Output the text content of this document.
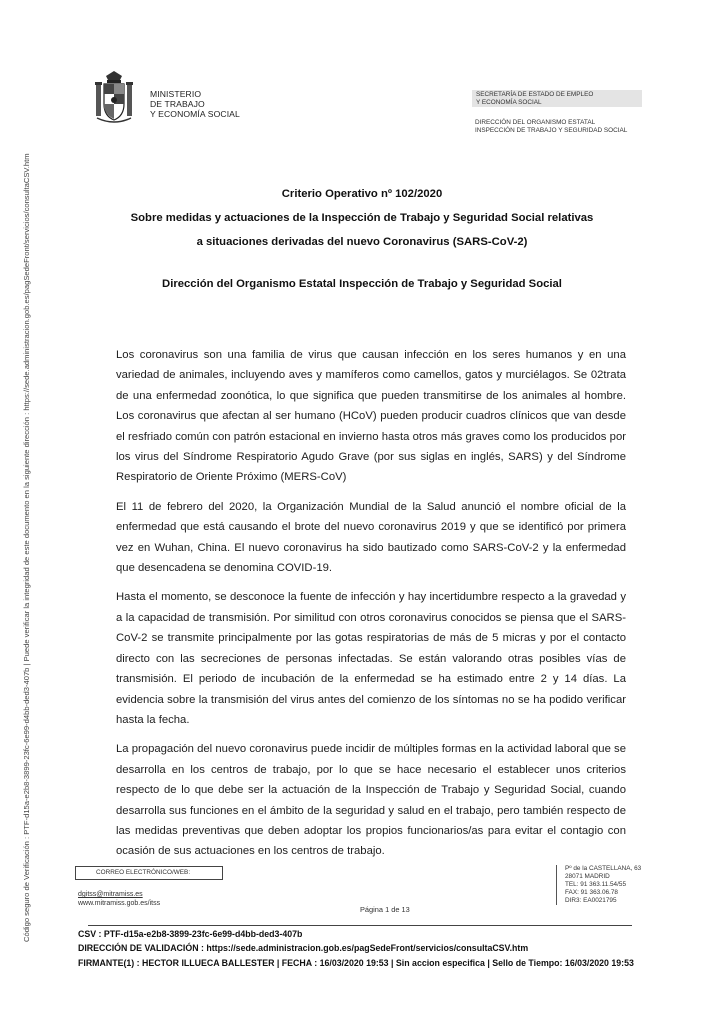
Código seguro de Verificación : PTF-d15a-e2b8-3899-23fc-6e99-d4bb-ded3-407b | Puede verificar la integridad de este documento en la siguiente dirección : https://sede.administracion.gob.es/pagSedeFront/servicios/consultaCSV.htm
MINISTERIO
DE TRABAJO
Y ECONOMÍA SOCIAL
SECRETARÍA DE ESTADO DE EMPLEO
Y ECONOMÍA SOCIAL
DIRECCIÓN DEL ORGANISMO ESTATAL
INSPECCIÓN DE TRABAJO Y SEGURIDAD SOCIAL
Criterio Operativo nº 102/2020
Sobre medidas y actuaciones de la Inspección de Trabajo y Seguridad Social relativas
a situaciones derivadas del nuevo Coronavirus (SARS-CoV-2)
Dirección del Organismo Estatal Inspección de Trabajo y Seguridad Social

Los coronavirus son una familia de virus que causan infección en los seres humanos y en una variedad de animales, incluyendo aves y mamíferos como camellos, gatos y murciélagos. Se 02trata de una enfermedad zoonótica, lo que significa que pueden transmitirse de los animales al hombre. Los coronavirus que afectan al ser humano (HCoV) pueden producir cuadros clínicos que van desde el resfriado común con patrón estacional en invierno hasta otros más graves como los producidos por los virus del Síndrome Respiratorio Agudo Grave (por sus siglas en inglés, SARS) y del Síndrome Respiratorio de Oriente Próximo (MERS-CoV)

El 11 de febrero del 2020, la Organización Mundial de la Salud anunció el nombre oficial de la enfermedad que está causando el brote del nuevo coronavirus 2019 y que se identificó por primera vez en Wuhan, China. El nuevo coronavirus ha sido bautizado como SARS-CoV-2 y la enfermedad que desencadena se denomina COVID-19.

Hasta el momento, se desconoce la fuente de infección y hay incertidumbre respecto a la gravedad y a la capacidad de transmisión. Por similitud con otros coronavirus conocidos se piensa que el SARS-CoV-2 se transmite principalmente por las gotas respiratorias de más de 5 micras y por el contacto directo con las secreciones de personas infectadas. Se están valorando otras posibles vías de transmisión. El periodo de incubación de la enfermedad se ha estimado entre 2 y 14 días. La evidencia sobre la transmisión del virus antes del comienzo de los síntomas no se ha podido verificar hasta la fecha.

La propagación del nuevo coronavirus puede incidir de múltiples formas en la actividad laboral que se desarrolla en los centros de trabajo, por lo que se hace necesario el establecer unos criterios respecto de lo que debe ser la actuación de la Inspección de Trabajo y Seguridad Social, cuando desarrolla sus funciones en el ámbito de la seguridad y salud en el trabajo, pero también respecto de las medidas preventivas que deben adoptar los propios funcionarios/as para evitar el contagio con ocasión de sus actuaciones en los centros de trabajo.

CORREO ELECTRÓNICO/WEB:
dgitss@mitramiss.es
www.mitramiss.gob.es/itss
Página 1 de 13
Pº de la CASTELLANA, 63
28071 MADRID
TEL: 91 363.11.54/55
FAX: 91 363.06.78
DIR3: EA0021795
CSV : PTF-d15a-e2b8-3899-23fc-6e99-d4bb-ded3-407b
DIRECCIÓN DE VALIDACIÓN : https://sede.administracion.gob.es/pagSedeFront/servicios/consultaCSV.htm
FIRMANTE(1) : HECTOR ILLUECA BALLESTER | FECHA : 16/03/2020 19:53 | Sin accion especifica | Sello de Tiempo: 16/03/2020 19:53
